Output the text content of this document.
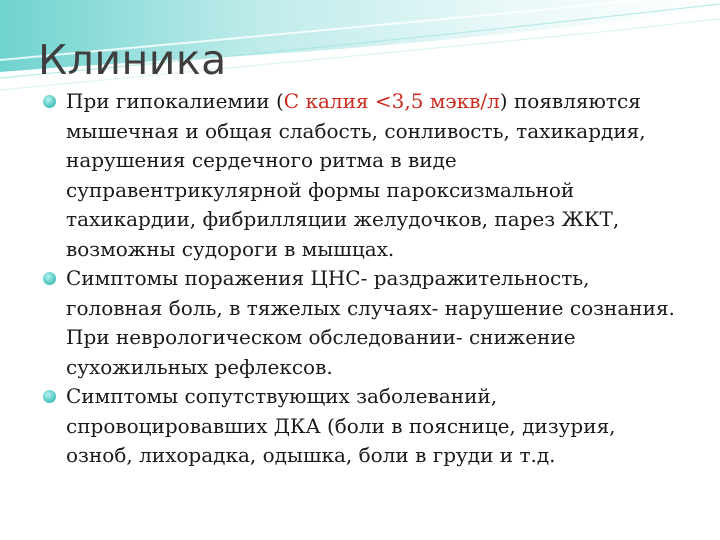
Клиника
При гипокалиемии (С калия <3,5 мэкв/л) появляются мышечная и общая слабость, сонливость, тахикардия, нарушения сердечного ритма в виде суправентрикулярной формы пароксизмальной тахикардии, фибрилляции желудочков, парез ЖКТ, возможны судороги в мышцах.
Симптомы поражения ЦНС- раздражительность, головная боль, в тяжелых случаях- нарушение сознания. При неврологическом обследовании- снижение сухожильных рефлексов.
Симптомы сопутствующих заболеваний, спровоцировавших ДКА (боли в пояснице, дизурия, озноб, лихорадка, одышка, боли в груди и т.д.
